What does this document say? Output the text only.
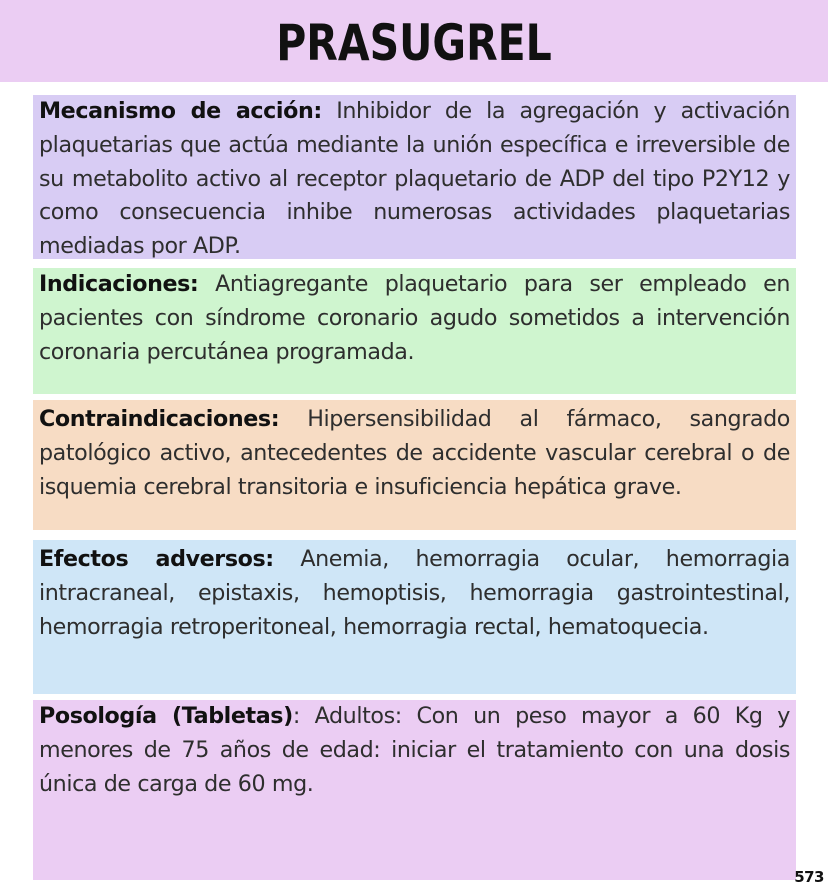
PRASUGREL

Mecanismo de acción: Inhibidor de la agregación y activación plaquetarias que actúa mediante la unión específica e irreversible de su metabolito activo al receptor plaquetario de ADP del tipo P2Y12 y como consecuencia inhibe numerosas actividades plaquetarias mediadas por ADP.

Indicaciones: Antiagregante plaquetario para ser empleado en pacientes con síndrome coronario agudo sometidos a intervención coronaria percutánea programada.

Contraindicaciones: Hipersensibilidad al fármaco, sangrado patológico activo, antecedentes de accidente vascular cerebral o de isquemia cerebral transitoria e insuficiencia hepática grave.

Efectos adversos: Anemia, hemorragia ocular, hemorragia intracraneal, epistaxis, hemoptisis, hemorragia gastrointestinal, hemorragia retroperitoneal, hemorragia rectal, hematoquecia.

Posología (Tabletas): Adultos: Con un peso mayor a 60 Kg y menores de 75 años de edad: iniciar el tratamiento con una dosis única de carga de 60 mg.

573
